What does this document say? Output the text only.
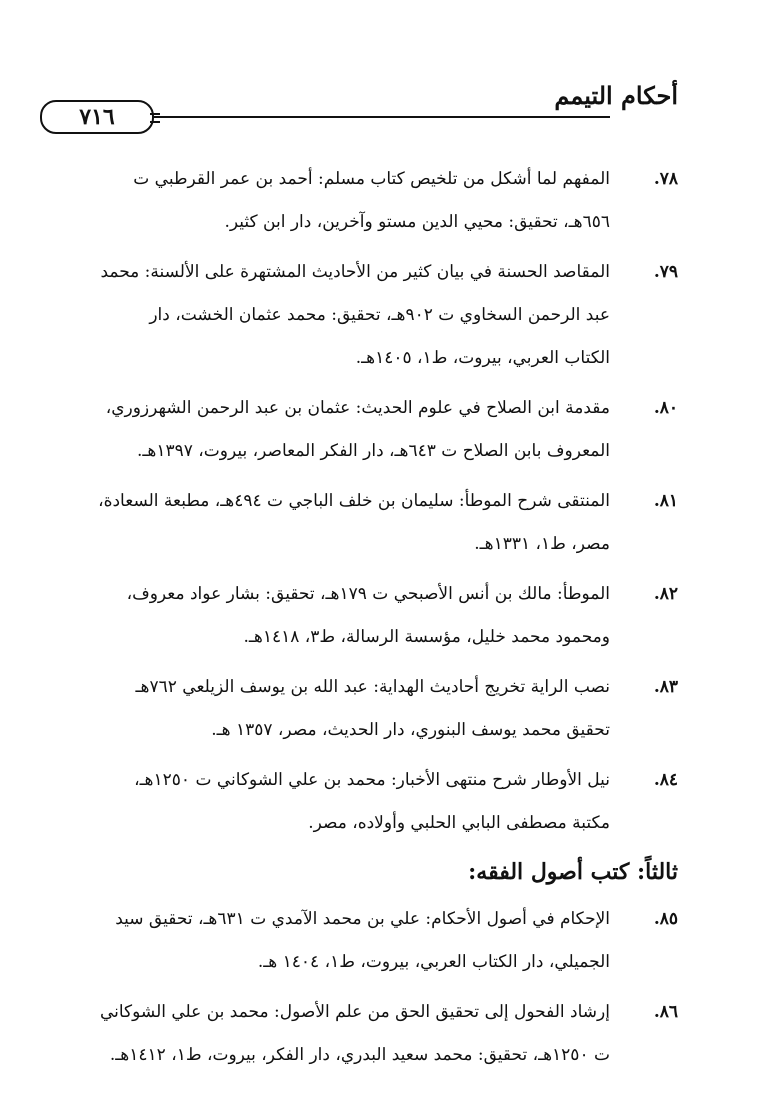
أحكام التيمم
٧١٦
٧٨.
المفهم لما أشكل من تلخيص كتاب مسلم: أحمد بن عمر القرطبي ت
٦٥٦هـ، تحقيق: محيي الدين مستو وآخرين، دار ابن كثير.
٧٩.
المقاصد الحسنة في بيان كثير من الأحاديث المشتهرة على الألسنة: محمد
عبد الرحمن السخاوي ت ٩٠٢هـ، تحقيق: محمد عثمان الخشت، دار
الكتاب العربي، بيروت، ط١، ١٤٠٥هـ.
٨٠.
مقدمة ابن الصلاح في علوم الحديث: عثمان بن عبد الرحمن الشهرزوري،
المعروف بابن الصلاح ت ٦٤٣هـ، دار الفكر المعاصر، بيروت، ١٣٩٧هـ.
٨١.
المنتقى شرح الموطأ: سليمان بن خلف الباجي ت ٤٩٤هـ، مطبعة السعادة،
مصر، ط١، ١٣٣١هـ.
٨٢.
الموطأ: مالك بن أنس الأصبحي ت ١٧٩هـ، تحقيق: بشار عواد معروف،
ومحمود محمد خليل، مؤسسة الرسالة، ط٣، ١٤١٨هـ.
٨٣.
نصب الراية تخريج أحاديث الهداية: عبد الله بن يوسف الزيلعي ٧٦٢هـ
تحقيق محمد يوسف البنوري، دار الحديث، مصر، ١٣٥٧ هـ.
٨٤.
نيل الأوطار شرح منتهى الأخبار: محمد بن علي الشوكاني ت ١٢٥٠هـ،
مكتبة مصطفى البابي الحلبي وأولاده، مصر.
ثالثاً: كتب أصول الفقه:
٨٥.
الإحكام في أصول الأحكام: علي بن محمد الآمدي ت ٦٣١هـ، تحقيق سيد
الجميلي، دار الكتاب العربي، بيروت، ط١، ١٤٠٤ هـ.
٨٦.
إرشاد الفحول إلى تحقيق الحق من علم الأصول: محمد بن علي الشوكاني
ت ١٢٥٠هـ، تحقيق: محمد سعيد البدري، دار الفكر، بيروت، ط١، ١٤١٢هـ.
